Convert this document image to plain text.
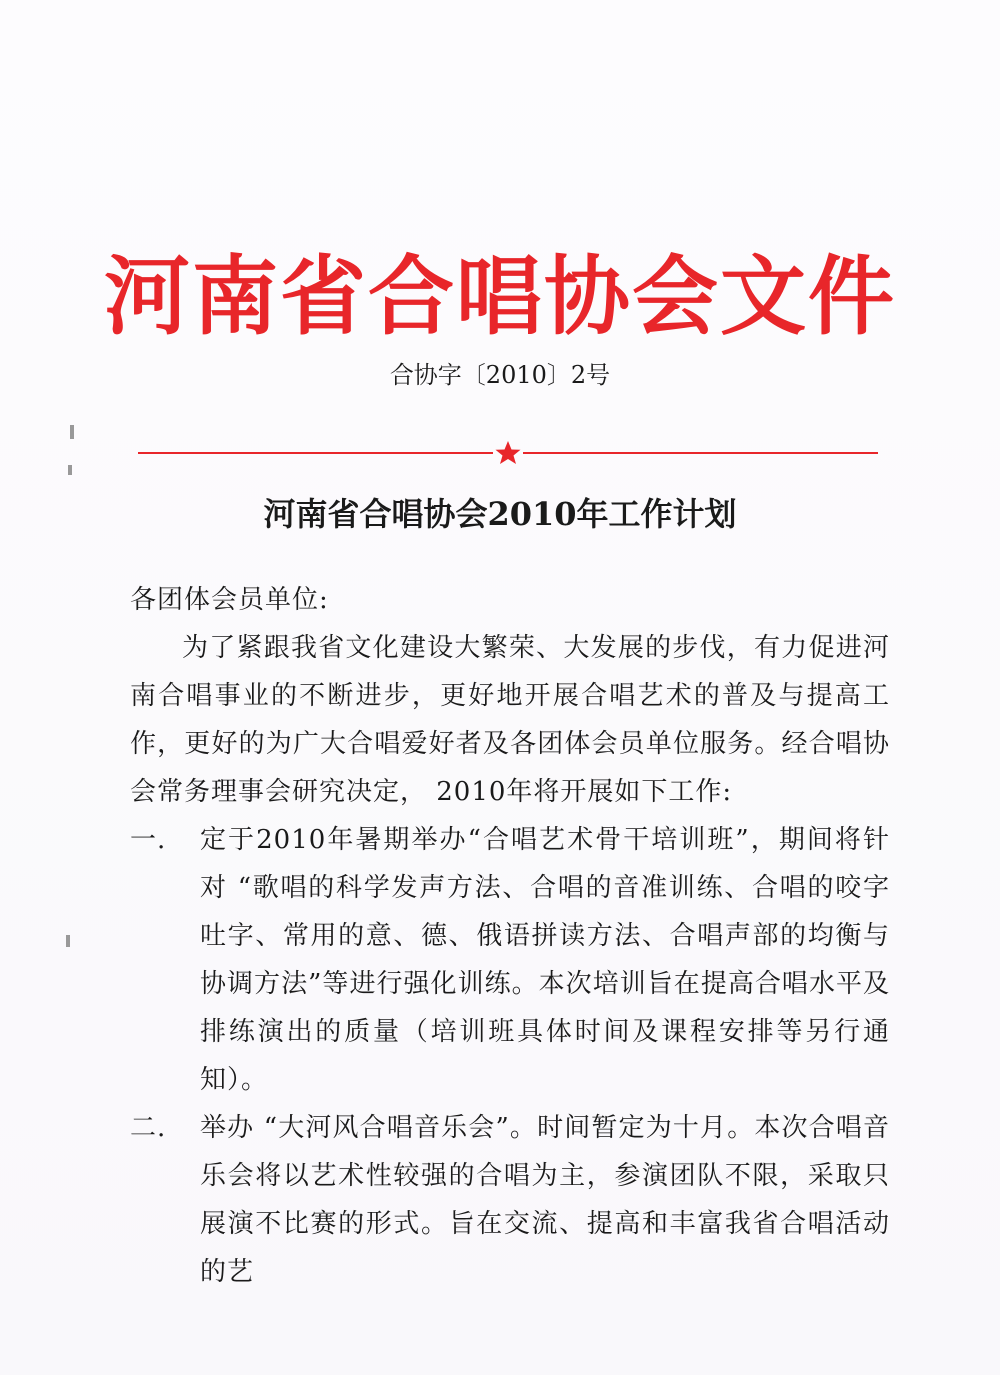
河南省合唱协会文件
合协字〔2010〕2号
河南省合唱协会2010年工作计划

各团体会员单位:

为了紧跟我省文化建设大繁荣、大发展的步伐，有力促进河南合唱事业的不断进步，更好地开展合唱艺术的普及与提高工作，更好的为广大合唱爱好者及各团体会员单位服务。经合唱协会常务理事会研究决定， 2010年将开展如下工作:

一.	定于2010年暑期举办“合唱艺术骨干培训班”，期间将针对 “歌唱的科学发声方法、合唱的音准训练、合唱的咬字吐字、常用的意、德、俄语拼读方法、合唱声部的均衡与协调方法”等进行强化训练。本次培训旨在提高合唱水平及排练演出的质量（培训班具体时间及课程安排等另行通知）。
二.	举办 “大河风合唱音乐会”。时间暂定为十月。本次合唱音乐会将以艺术性较强的合唱为主，参演团队不限，采取只展演不比赛的形式。旨在交流、提高和丰富我省合唱活动的艺
